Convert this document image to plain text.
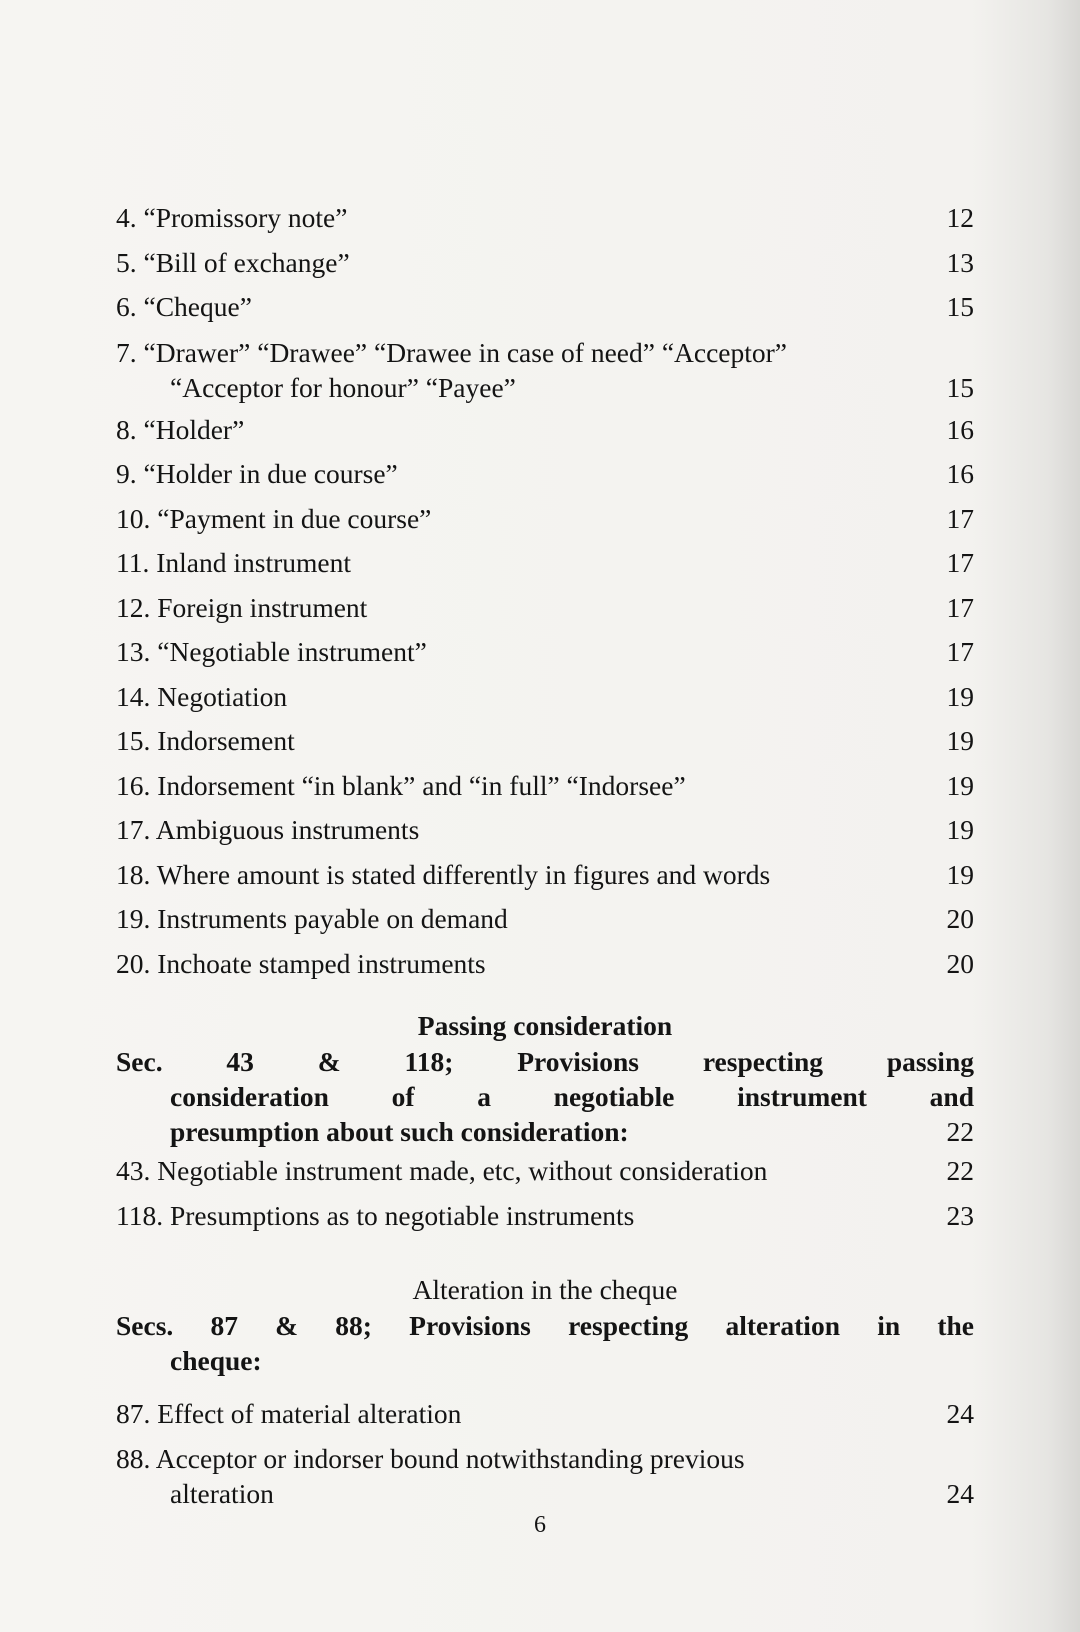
4. “Promissory note”	12
5. “Bill of exchange”	13
6. “Cheque”	15
7. “Drawer” “Drawee” “Drawee in case of need” “Acceptor”
“Acceptor for honour” “Payee”	15
8. “Holder”	16
9. “Holder in due course”	16
10. “Payment in due course”	17
11. Inland instrument	17
12. Foreign instrument	17
13. “Negotiable instrument”	17
14. Negotiation	19
15. Indorsement	19
16. Indorsement “in blank” and “in full” “Indorsee”	19
17. Ambiguous instruments	19
18. Where amount is stated differently in figures and words	19
19. Instruments payable on demand	20
20. Inchoate stamped instruments	20
Passing consideration
Sec. 43 & 118; Provisions respecting passing
consideration of a negotiable instrument and
presumption about such consideration:	22
43. Negotiable instrument made, etc, without consideration	22
118. Presumptions as to negotiable instruments	23
Alteration in the cheque
Secs. 87 & 88; Provisions respecting alteration in the
cheque:
87. Effect of material alteration	24
88. Acceptor or indorser bound notwithstanding previous
alteration	24
6
